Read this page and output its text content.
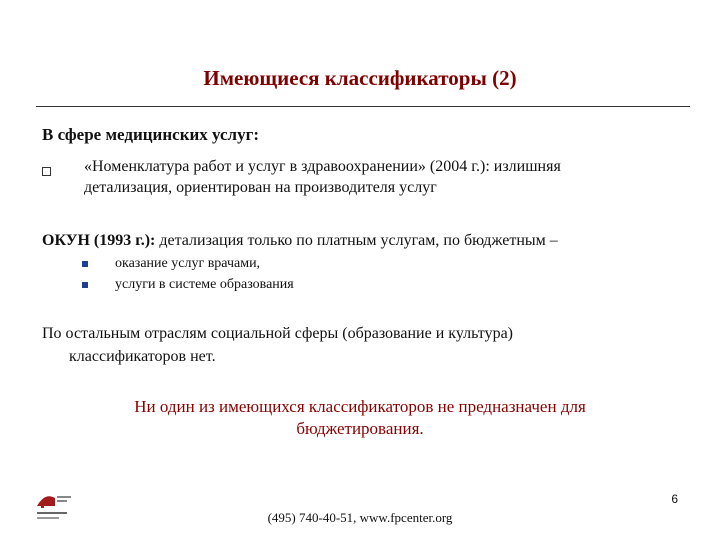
Имеющиеся классификаторы (2)
В сфере медицинских услуг:
«Номенклатура работ и услуг в здравоохранении» (2004 г.): излишняя
детализация, ориентирован на производителя услуг
ОКУН (1993 г.): детализация только по платным услугам, по бюджетным –
оказание услуг врачами,
услуги в системе образования
По остальным отраслям социальной сферы (образование и культура)
классификаторов нет.
Ни один из имеющихся классификаторов не предназначен для
бюджетирования.
6
(495) 740-40-51, www.fpcenter.org
